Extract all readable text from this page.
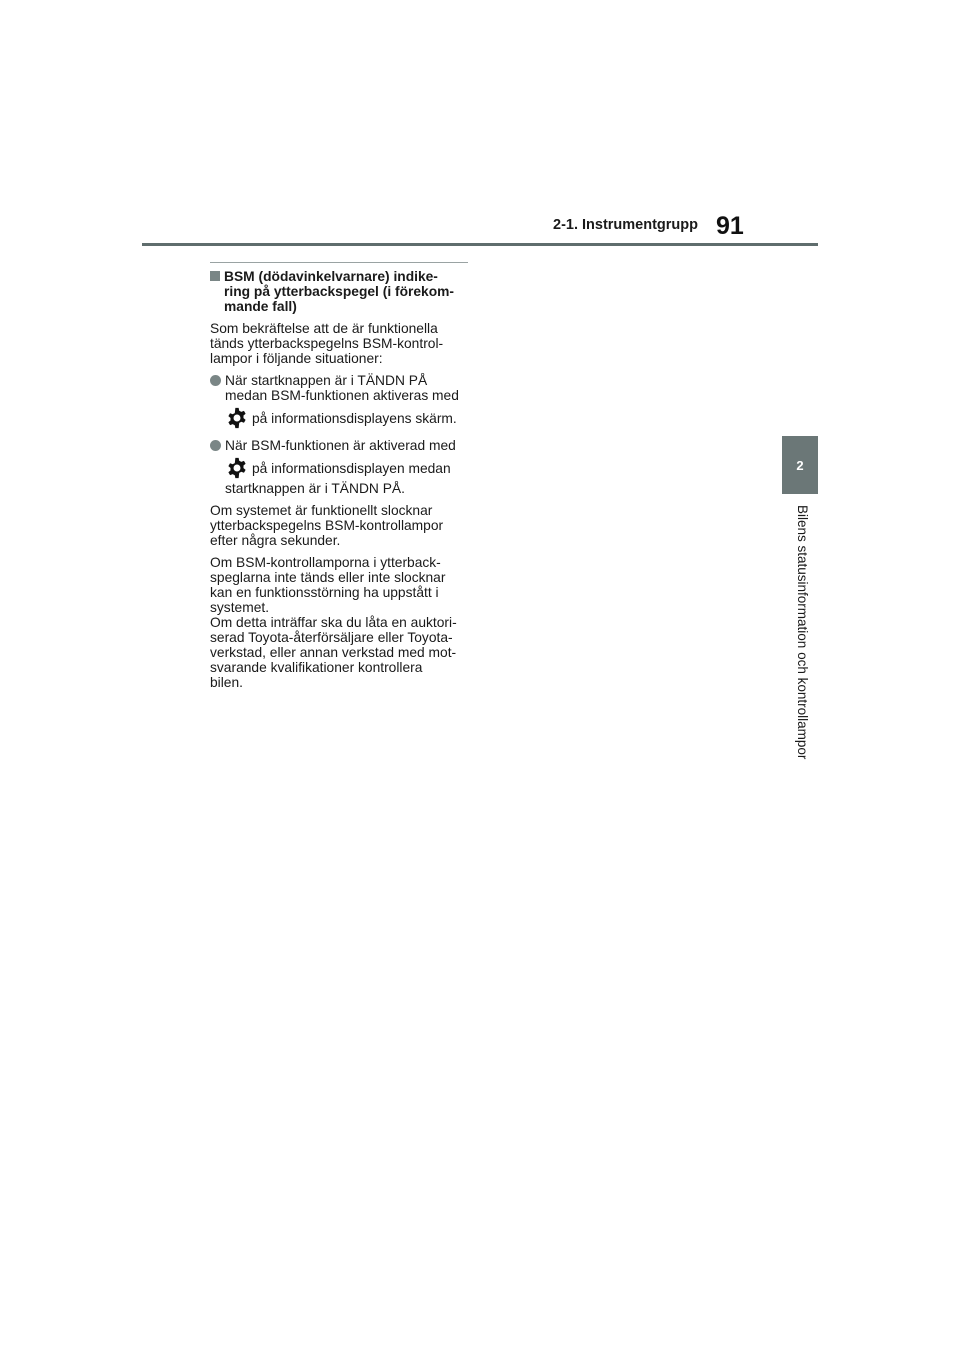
2-1. Instrumentgrupp 91
2
Bilens statusinformation och kontrollampor
BSM (dödavinkelvarnare) indike-
ring på ytterbackspegel (i förekom-
mande fall)

Som bekräftelse att de är funktionella
tänds ytterbackspegelns BSM-kontrol-
lampor i följande situationer:

När startknappen är i TÄNDN PÅ
medan BSM-funktionen aktiveras med
på informationsdisplayens skärm.
När BSM-funktionen är aktiverad med
på informationsdisplayen medan
startknappen är i TÄNDN PÅ.

Om systemet är funktionellt slocknar
ytterbackspegelns BSM-kontrollampor
efter några sekunder.

Om BSM-kontrollamporna i ytterback-
speglarna inte tänds eller inte slocknar
kan en funktionsstörning ha uppstått i
systemet.
Om detta inträffar ska du låta en auktori-
serad Toyota-återförsäljare eller Toyota-
verkstad, eller annan verkstad med mot-
svarande kvalifikationer kontrollera
bilen.
